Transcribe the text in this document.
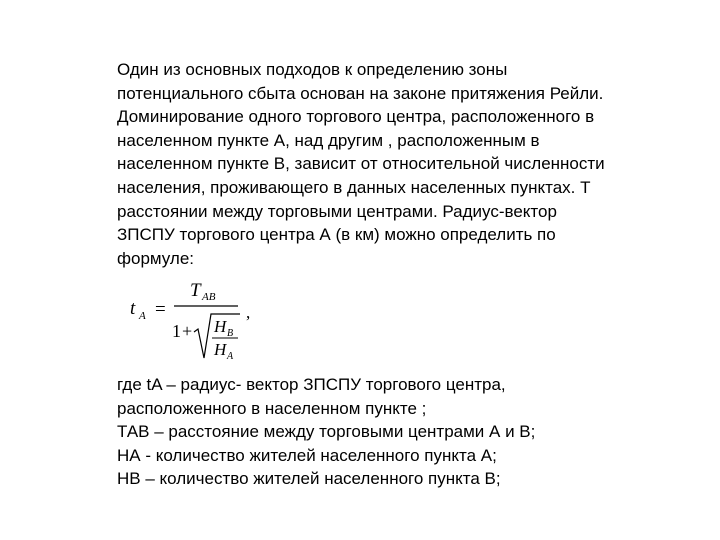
Один из основных подходов к определению зоны
потенциального сбыта основан на законе притяжения Рейли.
Доминирование одного торгового центра, расположенного в
населенном пункте А, над другим , расположенным в
населенном пункте В, зависит от относительной численности
населения, проживающего в данных населенных пунктах. Т
расстоянии между торговыми центрами. Радиус-вектор
ЗПСПУ торгового центра А (в км) можно определить по
формуле:

t A =
T AB
1 + Н В
Н А
,

где tA – радиус- вектор ЗПСПУ торгового центра,
расположенного в населенном пункте ;
ТАВ – расстояние между торговыми центрами А и В;
НА - количество жителей населенного пункта А;
НВ – количество жителей населенного пункта В;
